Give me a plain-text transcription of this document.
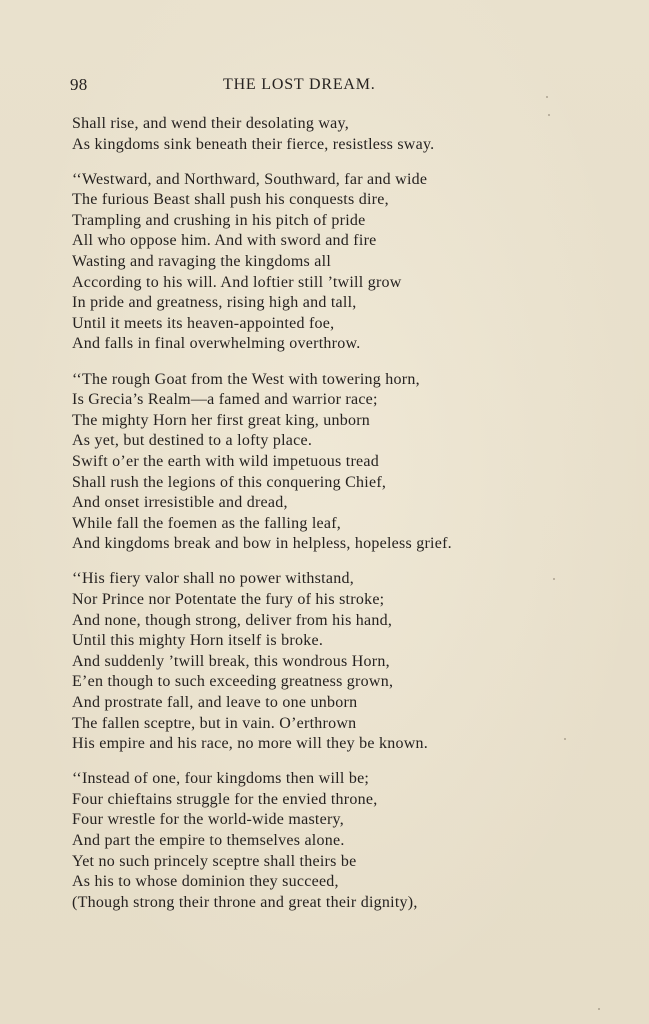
98	THE LOST DREAM.
Shall rise, and wend their desolating way,
As kingdoms sink beneath their fierce, resistless sway.
‘‘Westward, and Northward, Southward, far and wide
The furious Beast shall push his conquests dire,
Trampling and crushing in his pitch of pride
All who oppose him. And with sword and fire
Wasting and ravaging the kingdoms all
According to his will. And loftier still ’twill grow
In pride and greatness, rising high and tall,
Until it meets its heaven-appointed foe,
And falls in final overwhelming overthrow.
‘‘The rough Goat from the West with towering horn,
Is Grecia’s Realm—a famed and warrior race;
The mighty Horn her first great king, unborn
As yet, but destined to a lofty place.
Swift o’er the earth with wild impetuous tread
Shall rush the legions of this conquering Chief,
And onset irresistible and dread,
While fall the foemen as the falling leaf,
And kingdoms break and bow in helpless, hopeless grief.
‘‘His fiery valor shall no power withstand,
Nor Prince nor Potentate the fury of his stroke;
And none, though strong, deliver from his hand,
Until this mighty Horn itself is broke.
And suddenly ’twill break, this wondrous Horn,
E’en though to such exceeding greatness grown,
And prostrate fall, and leave to one unborn
The fallen sceptre, but in vain. O’erthrown
His empire and his race, no more will they be known.
‘‘Instead of one, four kingdoms then will be;
Four chieftains struggle for the envied throne,
Four wrestle for the world-wide mastery,
And part the empire to themselves alone.
Yet no such princely sceptre shall theirs be
As his to whose dominion they succeed,
(Though strong their throne and great their dignity),
